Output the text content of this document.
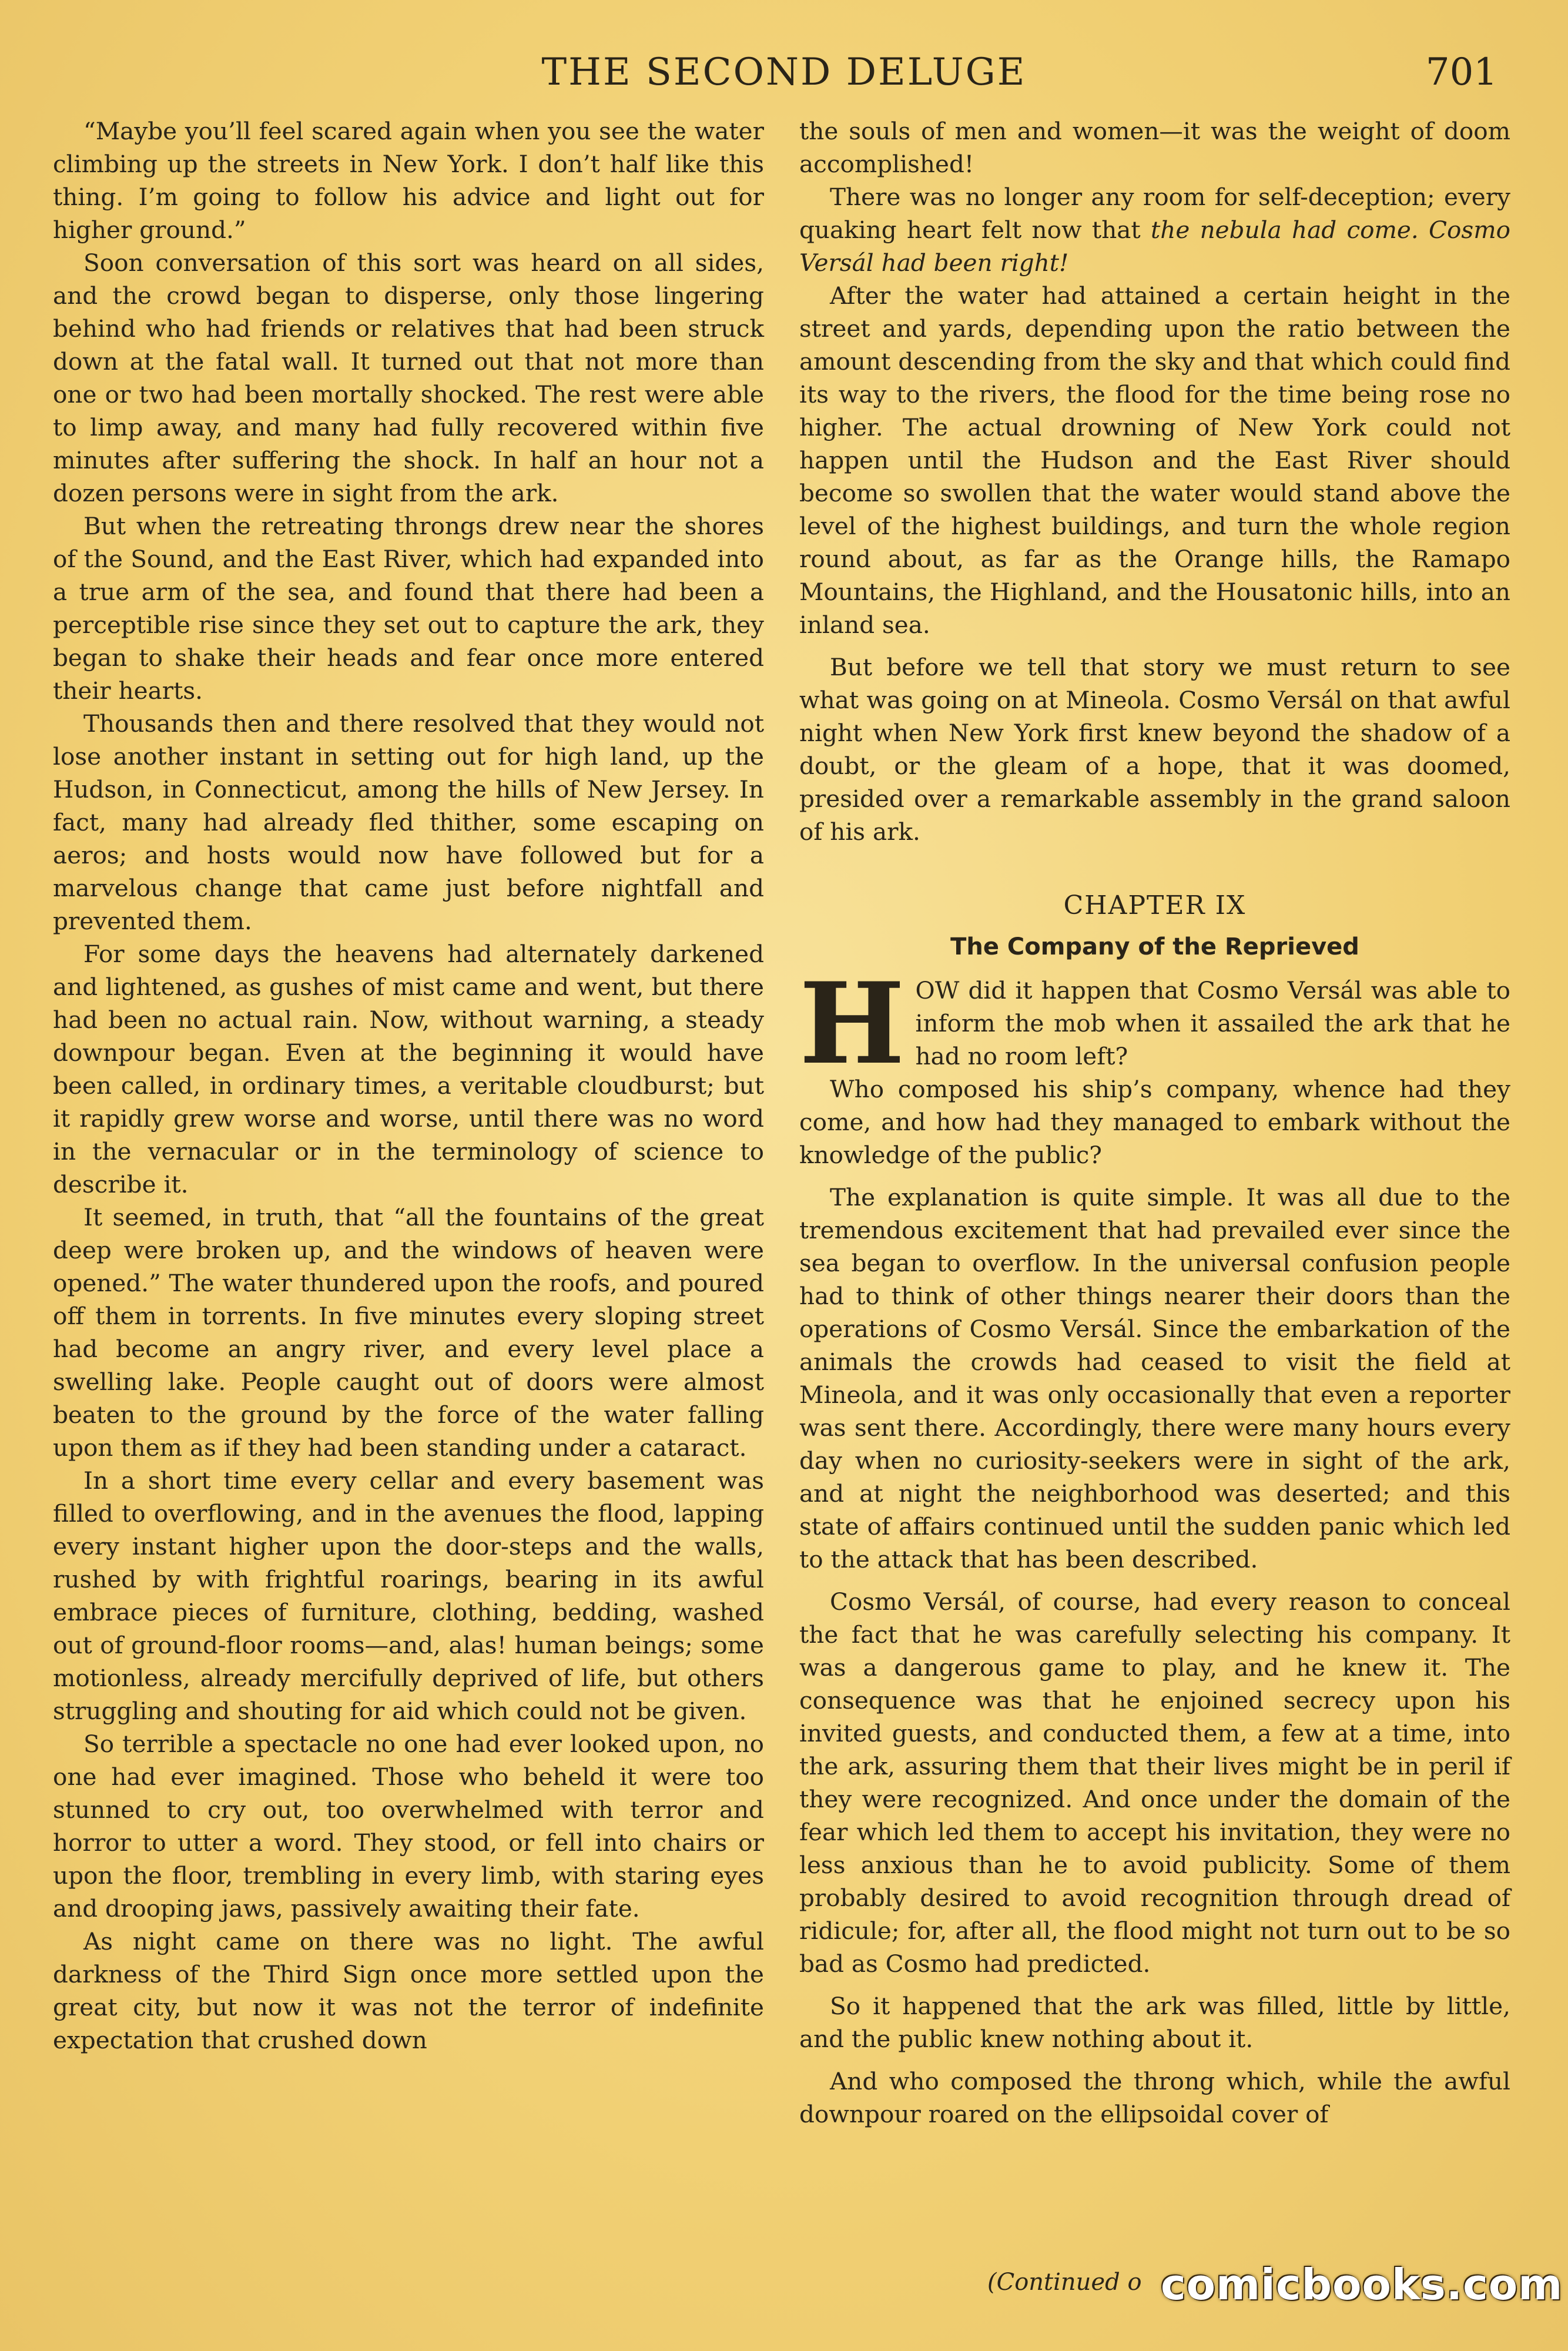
THE SECOND DELUGE	701

“Maybe you’ll feel scared again when you see the water climbing up the streets in New York. I don’t half like this thing. I’m going to follow his advice and light out for higher ground.”

Soon conversation of this sort was heard on all sides, and the crowd began to disperse, only those lingering behind who had friends or relatives that had been struck down at the fatal wall. It turned out that not more than one or two had been mortally shocked. The rest were able to limp away, and many had fully recovered within five minutes after suffering the shock. In half an hour not a dozen persons were in sight from the ark.

But when the retreating throngs drew near the shores of the Sound, and the East River, which had expanded into a true arm of the sea, and found that there had been a perceptible rise since they set out to capture the ark, they began to shake their heads and fear once more entered their hearts.

Thousands then and there resolved that they would not lose another instant in setting out for high land, up the Hudson, in Connecticut, among the hills of New Jersey. In fact, many had already fled thither, some escaping on aeros; and hosts would now have followed but for a marvelous change that came just before nightfall and prevented them.

For some days the heavens had alternately darkened and lightened, as gushes of mist came and went, but there had been no actual rain. Now, without warning, a steady downpour began. Even at the beginning it would have been called, in ordinary times, a veritable cloudburst; but it rapidly grew worse and worse, until there was no word in the vernacular or in the terminology of science to describe it.

It seemed, in truth, that “all the fountains of the great deep were broken up, and the windows of heaven were opened.” The water thundered upon the roofs, and poured off them in torrents. In five minutes every sloping street had become an angry river, and every level place a swelling lake. People caught out of doors were almost beaten to the ground by the force of the water falling upon them as if they had been standing under a cataract.

In a short time every cellar and every basement was filled to overflowing, and in the avenues the flood, lapping every instant higher upon the door-steps and the walls, rushed by with frightful roarings, bearing in its awful embrace pieces of furniture, clothing, bedding, washed out of ground-floor rooms—and, alas! human beings; some motionless, already mercifully deprived of life, but others struggling and shouting for aid which could not be given.

So terrible a spectacle no one had ever looked upon, no one had ever imagined. Those who beheld it were too stunned to cry out, too overwhelmed with terror and horror to utter a word. They stood, or fell into chairs or upon the floor, trembling in every limb, with staring eyes and drooping jaws, passively awaiting their fate.

As night came on there was no light. The awful darkness of the Third Sign once more settled upon the great city, but now it was not the terror of indefinite expectation that crushed down

the souls of men and women—it was the weight of doom accomplished!

There was no longer any room for self-deception; every quaking heart felt now that the nebula had come. Cosmo Versál had been right!

After the water had attained a certain height in the street and yards, depending upon the ratio between the amount descending from the sky and that which could find its way to the rivers, the flood for the time being rose no higher. The actual drowning of New York could not happen until the Hudson and the East River should become so swollen that the water would stand above the level of the highest buildings, and turn the whole region round about, as far as the Orange hills, the Ramapo Mountains, the Highland, and the Housatonic hills, into an inland sea.

But before we tell that story we must return to see what was going on at Mineola. Cosmo Versál on that awful night when New York first knew beyond the shadow of a doubt, or the gleam of a hope, that it was doomed, presided over a remarkable assembly in the grand saloon of his ark.

CHAPTER IX
The Company of the Reprieved

HOW did it happen that Cosmo Versál was able to inform the mob when it assailed the ark that he had no room left?

Who composed his ship’s company, whence had they come, and how had they managed to embark without the knowledge of the public?

The explanation is quite simple. It was all due to the tremendous excitement that had prevailed ever since the sea began to overflow. In the universal confusion people had to think of other things nearer their doors than the operations of Cosmo Versál. Since the embarkation of the animals the crowds had ceased to visit the field at Mineola, and it was only occasionally that even a reporter was sent there. Accordingly, there were many hours every day when no curiosity-seekers were in sight of the ark, and at night the neighborhood was deserted; and this state of affairs continued until the sudden panic which led to the attack that has been described.

Cosmo Versál, of course, had every reason to conceal the fact that he was carefully selecting his company. It was a dangerous game to play, and he knew it. The consequence was that he enjoined secrecy upon his invited guests, and conducted them, a few at a time, into the ark, assuring them that their lives might be in peril if they were recognized. And once under the domain of the fear which led them to accept his invitation, they were no less anxious than he to avoid publicity. Some of them probably desired to avoid recognition through dread of ridicule; for, after all, the flood might not turn out to be so bad as Cosmo had predicted.

So it happened that the ark was filled, little by little, and the public knew nothing about it.

And who composed the throng which, while the awful downpour roared on the ellipsoidal cover of

(Continued o comicbooks.com
